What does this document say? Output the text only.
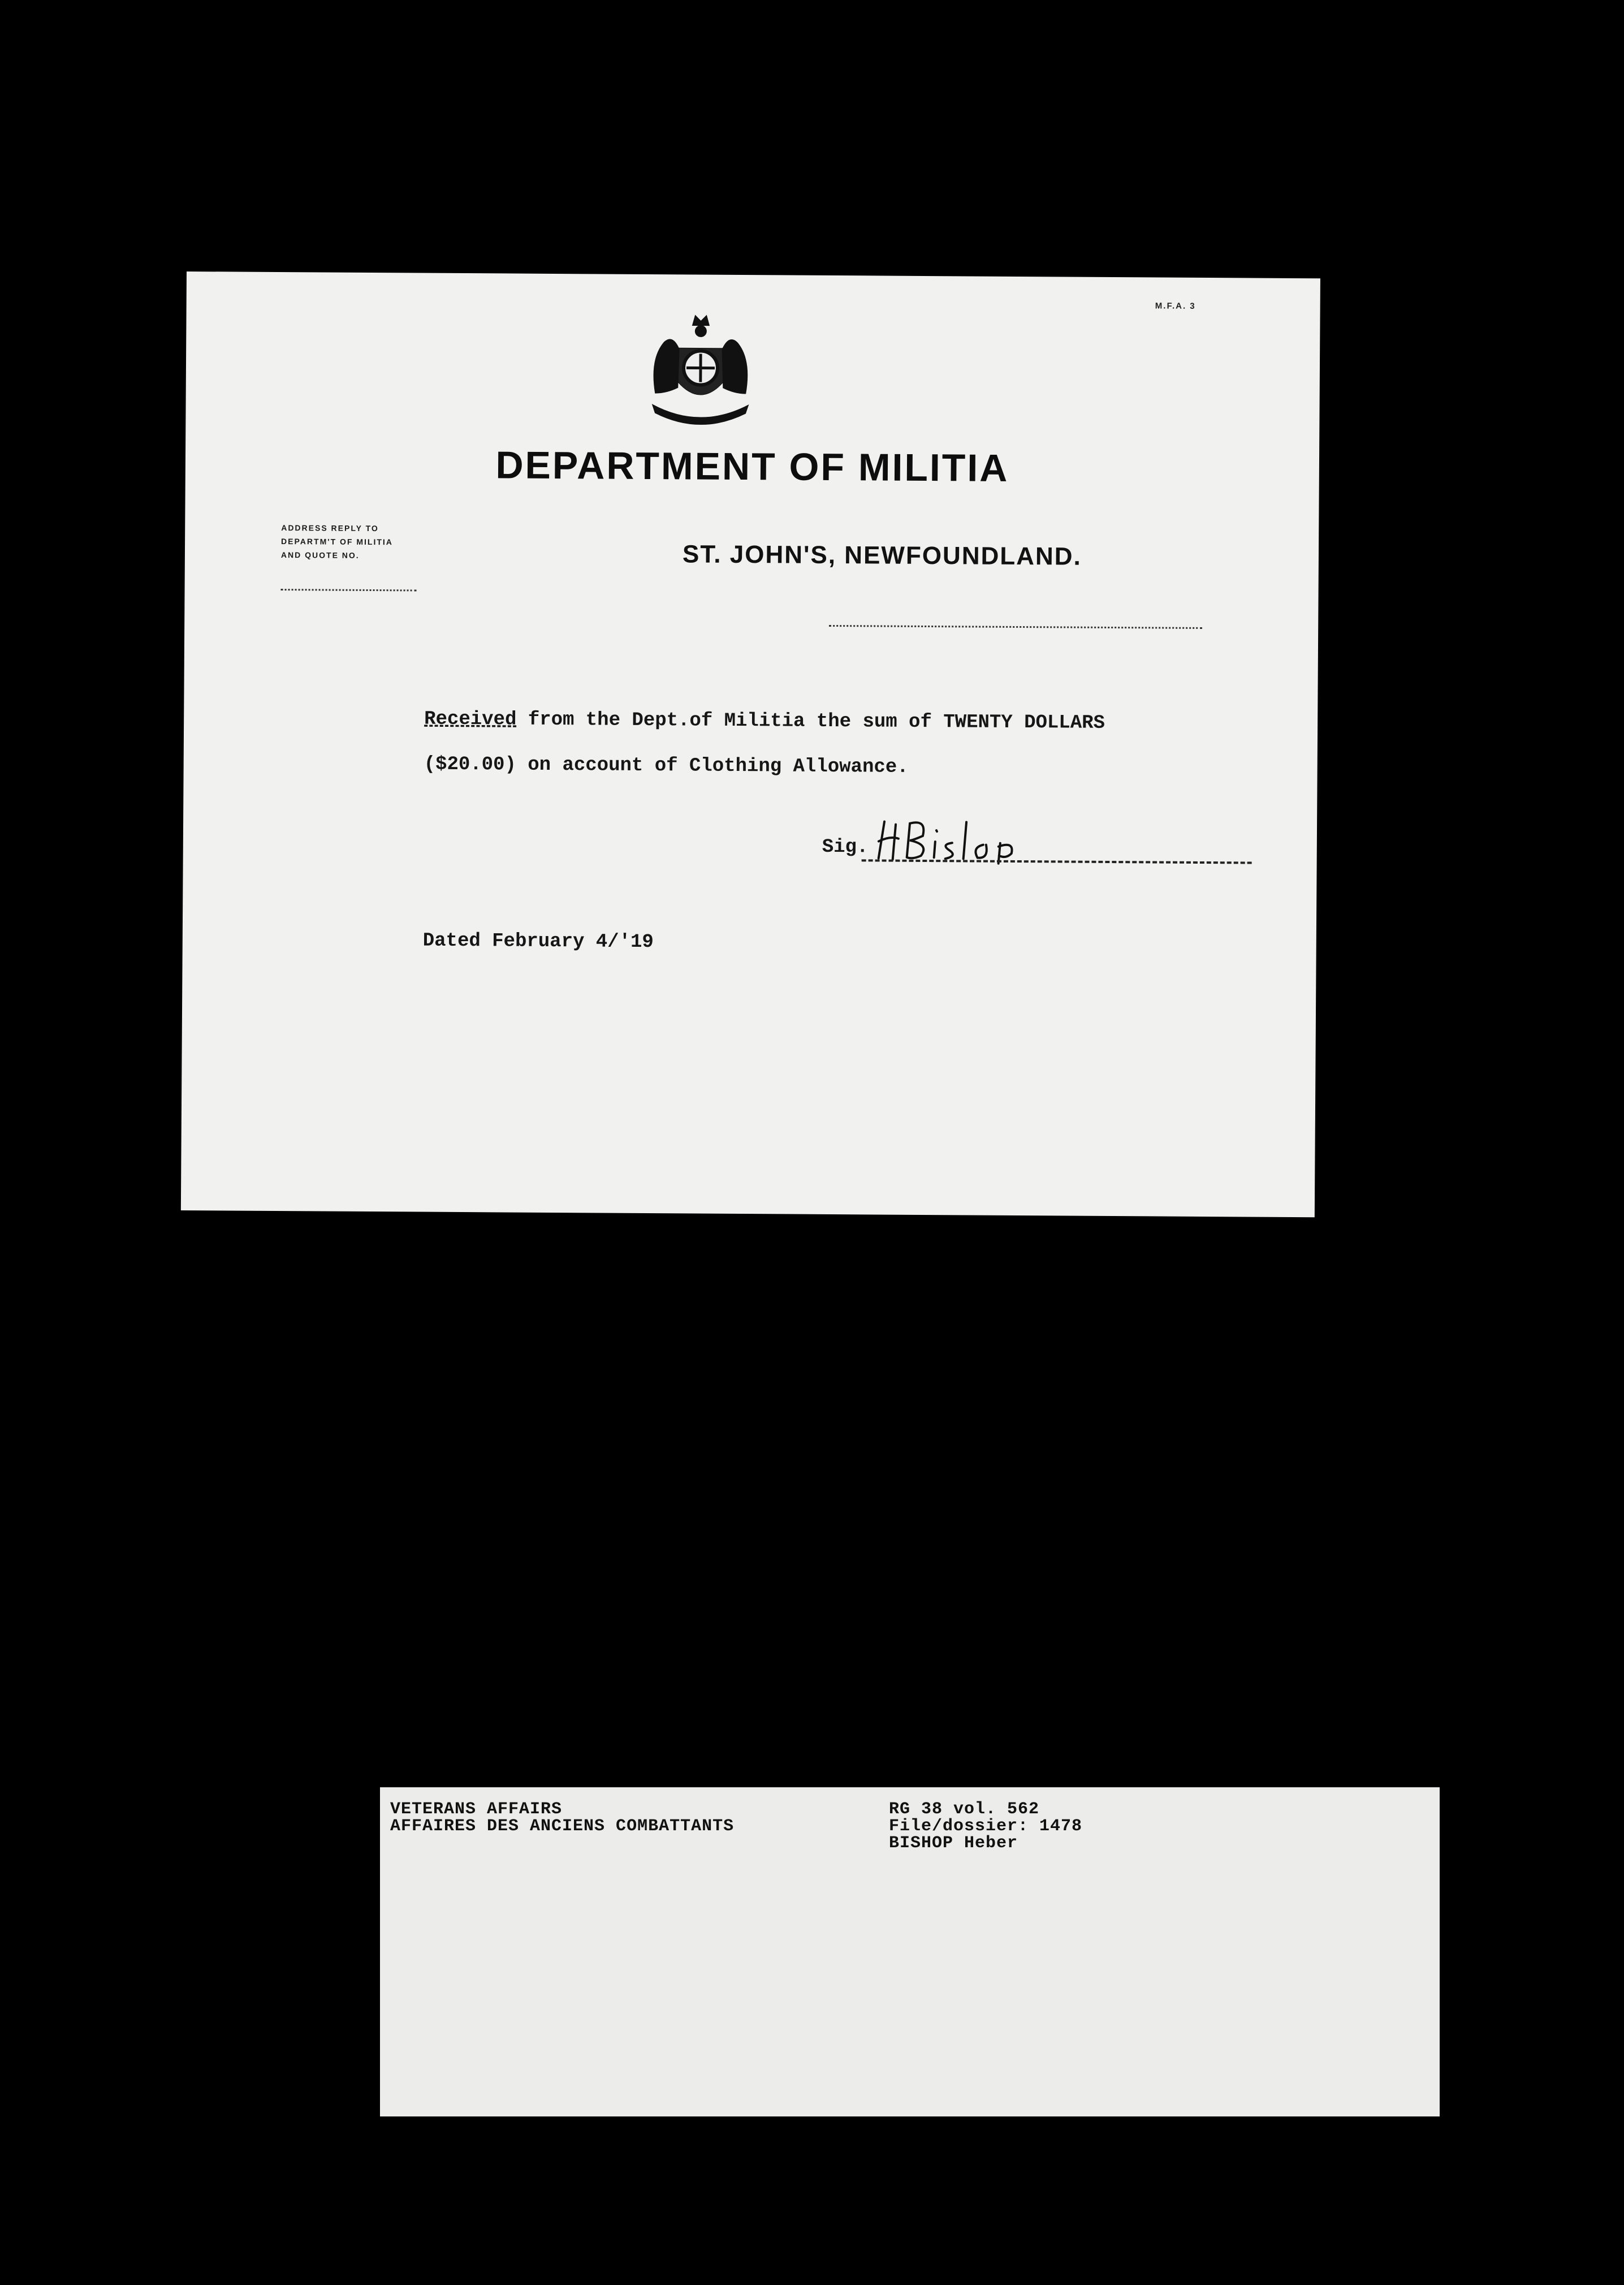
M.F.A. 3
DEPARTMENT OF MILITIA
ADDRESS REPLY TO
DEPARTM'T OF MILITIA
AND QUOTE NO.	ST. JOHN'S, NEWFOUNDLAND.
Received from the Dept.of Militia the sum of TWENTY DOLLARS
($20.00) on account of Clothing Allowance.
Sig.
Dated February 4/'19
VETERANS AFFAIRS
AFFAIRES DES ANCIENS COMBATTANTS
RG 38 vol. 562
File/dossier: 1478
BISHOP Heber
